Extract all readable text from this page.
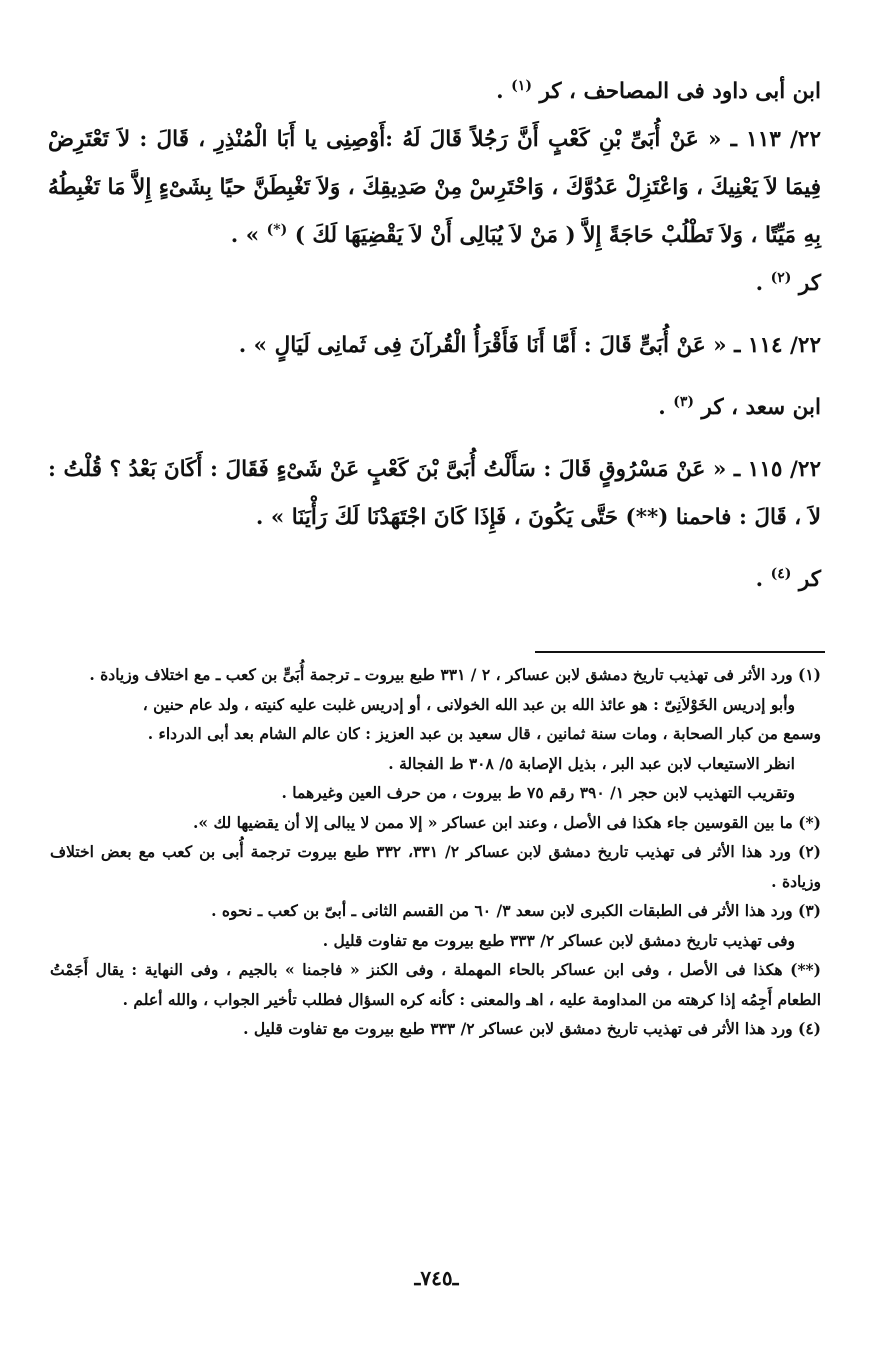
ابن أبى داود فى المصاحف ، كر $^{(١)}$ .

٢٢/ ١١٣ ـ « عَنْ أُبَىِّ بْنِ كَعْبٍ أَنَّ رَجُلاً قَالَ لَهُ :أَوْصِنِى يا أَبَا الْمُنْذِرِ ، قَالَ : لاَ تَعْتَرِضْ فِيمَا لاَ يَعْنِيكَ ، وَاعْتَزِلْ عَدُوَّكَ ، وَاحْتَرِسْ مِنْ صَدِيقِكَ ، وَلاَ تَغْبِطَنَّ حيًا بِشَىْءٍ إِلاَّ مَا تَغْبِطُهُ بِهِ مَيِّتًا ، وَلاَ تَطْلُبْ حَاجَةً إِلاَّ ( مَنْ لاَ يُبَالِى أَنْ لاَ يَقْضِيَهَا لَكَ ) (*) » .

كر $^{(٢)}$ .

٢٢/ ١١٤ ـ « عَنْ أُبَىٍّ قَالَ : أَمَّا أَنَا فَأَقْرَأُ الْقُرآنَ فِى ثَمانِى لَيَالٍ » .

ابن سعد ، كر $^{(٣)}$ .

٢٢/ ١١٥ ـ « عَنْ مَسْرُوقٍ قَالَ : سَأَلْتُ أُبَىَّ بْنَ كَعْبٍ عَنْ شَىْءٍ فَقَالَ : أَكَانَ بَعْدُ ؟ قُلْتُ : لاَ ، قَالَ : فاحمنا (**) حَتَّى يَكُونَ ، فَإِذَا كَانَ اجْتَهَدْنَا لَكَ رَأْيَنَا » .

كر $^{(٤)}$ .

(١) ورد الأثر فى تهذيب تاريخ دمشق لابن عساكر ، ٢ / ٣٣١ طبع بيروت ـ ترجمة أُبَىٍّ بن كعب ـ مع اختلاف وزيادة .

وأبو إدريس الخَوْلاَنِىّ : هو عائذ الله بن عبد الله الخولانى ، أو إدريس غلبت عليه كنيته ، ولد عام حنين ،

وسمع من كبار الصحابة ، ومات سنة ثمانين ، قال سعيد بن عبد العزيز : كان عالم الشام بعد أبى الدرداء .

انظر الاستيعاب لابن عبد البر ، بذيل الإصابة ٥/ ٣٠٨ ط الفجالة .

وتقريب التهذيب لابن حجر ١/ ٣٩٠ رقم ٧٥ ط بيروت ، من حرف العين وغيرهما .

(*) ما بين القوسين جاء هكذا فى الأصل ، وعند ابن عساكر « إلا ممن لا يبالى إلا أن يقضيها لك ».

(٢) ورد هذا الأثر فى تهذيب تاريخ دمشق لابن عساكر ٢/ ٣٣١، ٣٣٢ طبع بيروت ترجمة أُبى بن كعب مع بعض اختلاف وزيادة .

(٣) ورد هذا الأثر فى الطبقات الكبرى لابن سعد ٣/ ٦٠ من القسم الثانى ـ أبىّ بن كعب ـ نحوه .

وفى تهذيب تاريخ دمشق لابن عساكر ٢/ ٣٣٣ طبع بيروت مع تفاوت قليل .

(**) هكذا فى الأصل ، وفى ابن عساكر بالحاء المهملة ، وفى الكنز « فاجمنا » بالجيم ، وفى النهاية : يقال أَجَمْتُ الطعام أَجِمُه إذا كرهته من المداومة عليه ، اهـ والمعنى : كأنه كره السؤال فطلب تأخير الجواب ، والله أعلم .

(٤) ورد هذا الأثر فى تهذيب تاريخ دمشق لابن عساكر ٢/ ٣٣٣ طبع بيروت مع تفاوت قليل .

ـ٧٤٥ـ
